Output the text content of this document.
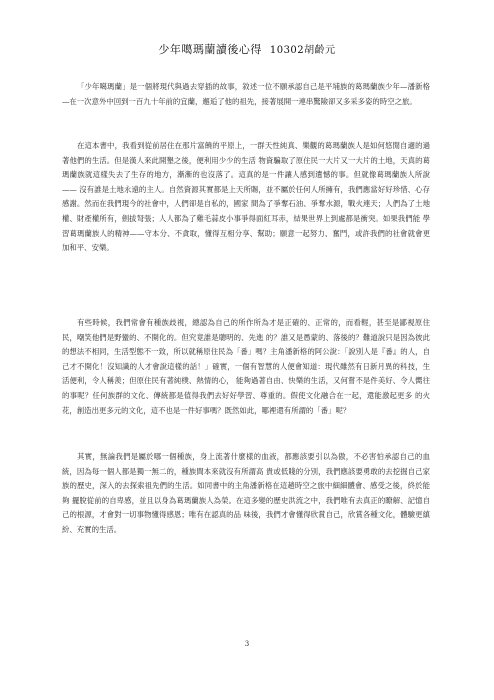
少年噶瑪蘭讀後心得 10302胡齡元

「少年噶瑪蘭」是一個將現代與過去穿插的故事，敘述一位不願承認自己是平埔族的葛瑪蘭族少年—潘新格—在一次意外中回到一百九十年前的宜蘭，邂逅了他的祖先，接著展開一連串驚險卻又多采多姿的時空之旅。

在這本書中，我看到從前居住在那片富饒的平原上，一群天性純真、樂觀的葛瑪蘭族人是如何悠閒自適的過著他們的生活。但是漢人來此開墾之後，便利用少少的生活 物資騙取了原住民一大片又一大片的土地，天真的葛瑪蘭族就這樣失去了生存的地方，漸漸的也沒落了。這真的是一件讓人感到遺憾的事。但就像葛瑪蘭族人所說—— 沒有誰是土地永遠的主人。自然資源其實都是上天所賜，並不屬於任何人所擁有，我們應當好好珍惜、心存感謝。然而在我們現今的社會中，人們卻是自私的，國家 間為了爭奪石油、爭奪水源，戰火連天；人們為了土地權、財產權所有，劍拔弩張；人人都為了雞毛蒜皮小事爭得面紅耳赤，結果世界上到處都是衝突。如果我們能 學習葛瑪蘭族人的精神——守本分、不貪取，懂得互相分享、幫助；願意一起努力、奮鬥，或許我們的社會就會更加和平、安樂。

有些時候，我們常會有種族歧視，總認為自己的所作所為才是正確的、正常的，而看輕，甚至是鄙視原住民，嘲笑他們是野蠻的、不開化的。但究竟誰是聰明的、先進 的？誰又是愚蒙的、落後的？難道說只是因為彼此的想法不相同，生活型態不一致，所以就稱原住民為「番」嗎？主角潘新格的阿公說：「說別人是『番』的人，自 己才不開化！沒知識的人才會說這樣的話！」確實，一個有智慧的人便會知道：現代雖然有日新月異的科技，生活便利，令人稱羨；但原住民有著純樸、熱情的心， 能夠過著自由、快樂的生活，又何嘗不是件美好、令人嚮往的事呢？任何族群的文化、傳統都是值得我們去好好學習、尊重的。假使文化融合在一起，還能激起更多 的火花，創造出更多元的文化，這不也是一件好事嗎？既然如此，哪裡還有所謂的「番」呢？

其實，無論我們是屬於哪一個種族，身上流著什麼樣的血液，都應該要引以為傲，不必害怕承認自己的血統，因為每一個人都是獨一無二的，種族間本來就沒有所謂高 貴或低賤的分別，我們應該要勇敢的去挖掘自己家族的歷史，深入的去探索祖先們的生活。如同書中的主角潘新格在這趟時空之旅中細細體會、感受之後，終於能夠 擺脫從前的自卑感，並且以身為葛瑪蘭族人為榮。在這多變的歷史洪流之中，我們唯有去真正的瞭解、記憶自己的根源，才會對一切事物懂得感恩；唯有在認真的品 味後，我們才會懂得欣賞自己，欣賞各種文化，體驗更縝紛、充實的生活。

3
